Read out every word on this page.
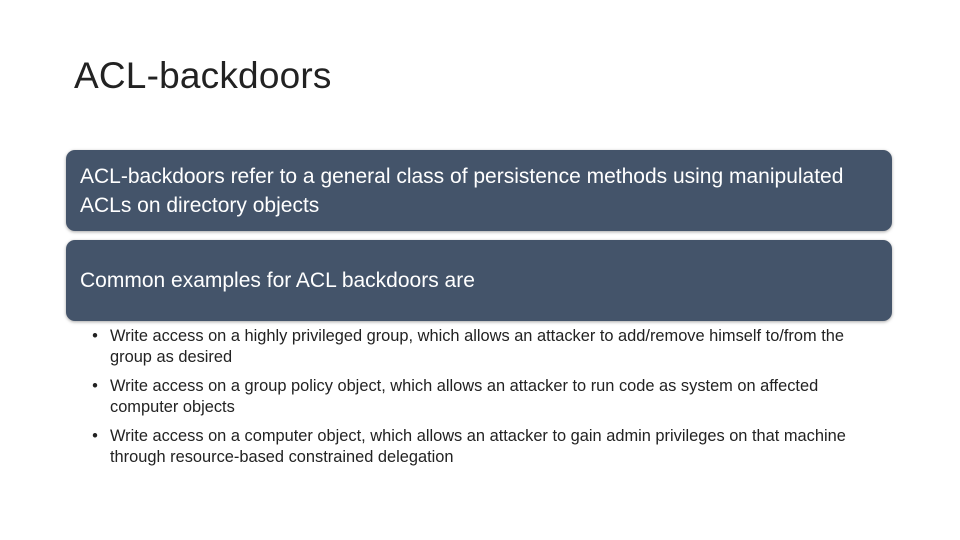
ACL-backdoors
ACL-backdoors refer to a general class of persistence methods using manipulated ACLs on directory objects
Common examples for ACL backdoors are
• Write access on a highly privileged group, which allows an attacker to add/remove himself to/from the group as desired
• Write access on a group policy object, which allows an attacker to run code as system on affected computer objects
• Write access on a computer object, which allows an attacker to gain admin privileges on that machine through resource-based constrained delegation
